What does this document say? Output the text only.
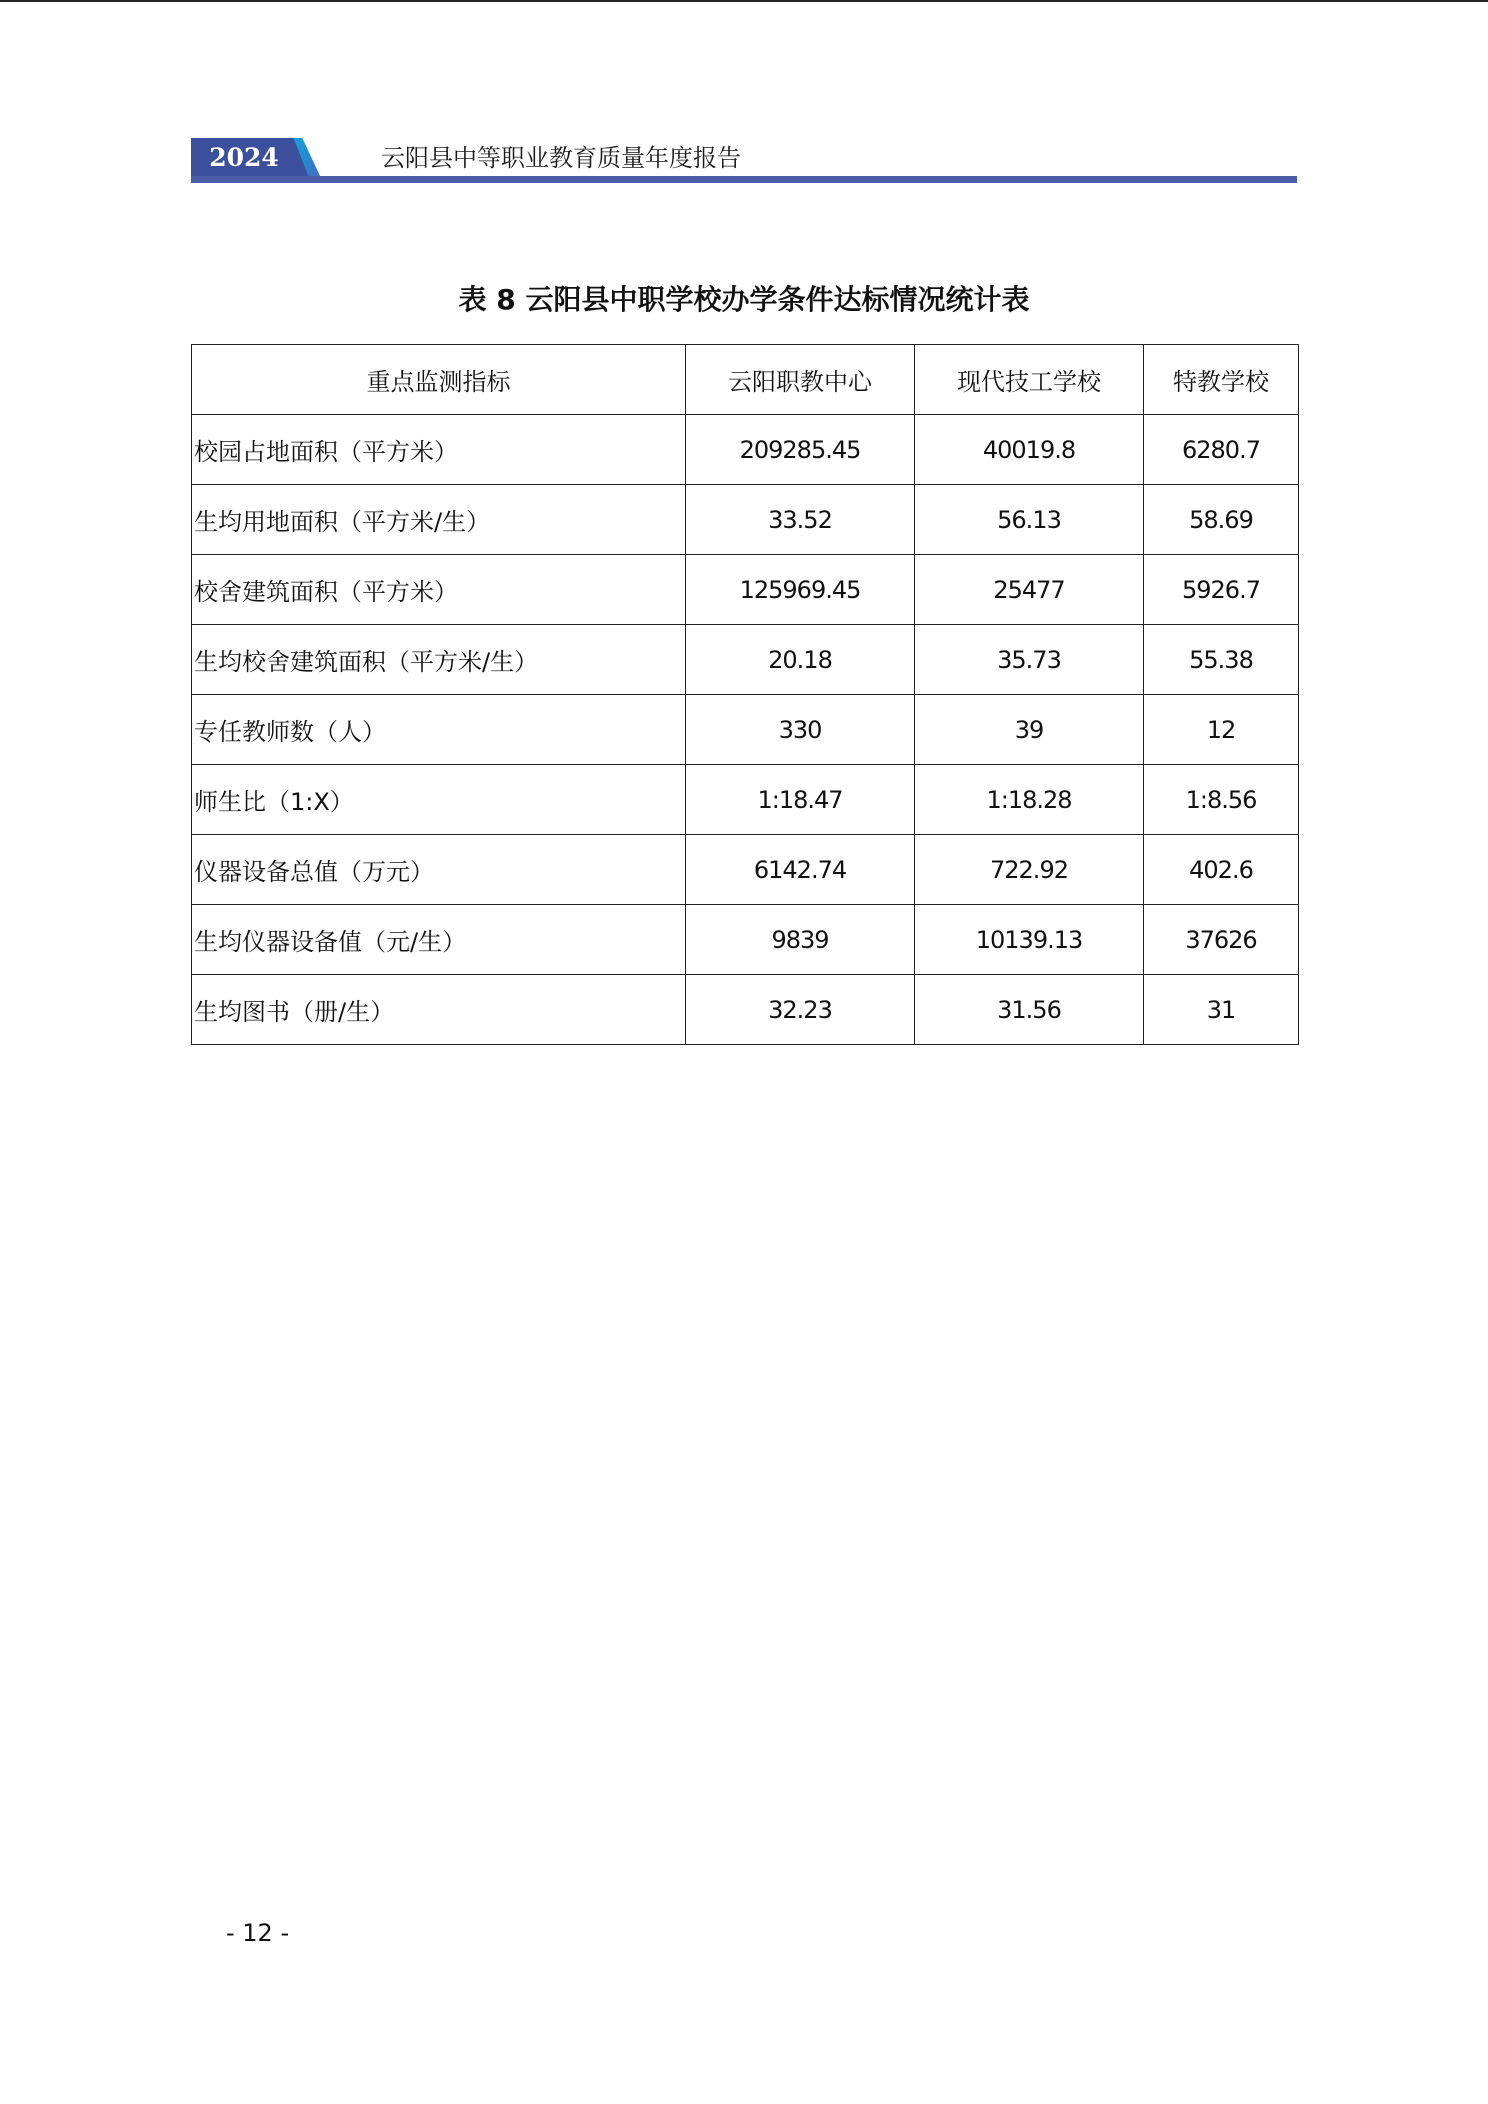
2024	云阳县中等职业教育质量年度报告
表 8 云阳县中职学校办学条件达标情况统计表
重点监测指标	云阳职教中心	现代技工学校	特教学校
校园占地面积（平方米）	209285.45	40019.8	6280.7
生均用地面积（平方米/生）	33.52	56.13	58.69
校舍建筑面积（平方米）	125969.45	25477	5926.7
生均校舍建筑面积（平方米/生）	20.18	35.73	55.38
专任教师数（人）	330	39	12
师生比（1:X）	1:18.47	1:18.28	1:8.56
仪器设备总值（万元）	6142.74	722.92	402.6
生均仪器设备值（元/生）	9839	10139.13	37626
生均图书（册/生）	32.23	31.56	31
- 12 -
